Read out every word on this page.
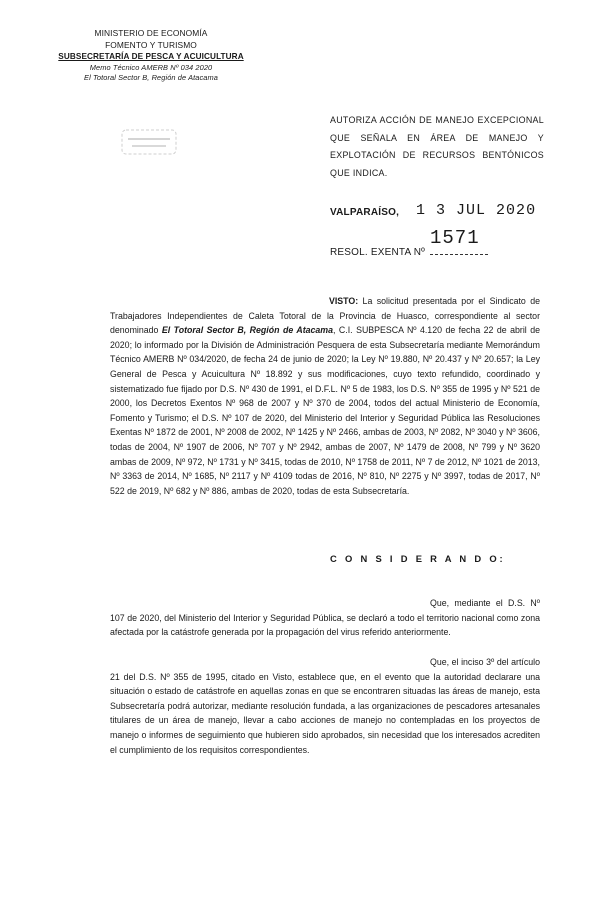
MINISTERIO DE ECONOMÍA
FOMENTO Y TURISMO
SUBSECRETARÍA DE PESCA Y ACUICULTURA
Memo Técnico AMERB Nº 034 2020
El Totoral Sector B, Región de Atacama
AUTORIZA ACCIÓN DE MANEJO EXCEPCIONAL QUE SEÑALA EN ÁREA DE MANEJO Y EXPLOTACIÓN DE RECURSOS BENTÓNICOS QUE INDICA.
VALPARAÍSO, 1 3 JUL 2020
RESOL. EXENTA Nº
1571
VISTO: La solicitud presentada por el Sindicato de Trabajadores Independientes de Caleta Totoral de la Provincia de Huasco, correspondiente al sector denominado El Totoral Sector B, Región de Atacama, C.I. SUBPESCA Nº 4.120 de fecha 22 de abril de 2020; lo informado por la División de Administración Pesquera de esta Subsecretaría mediante Memorándum Técnico AMERB Nº 034/2020, de fecha 24 de junio de 2020; la Ley Nº 19.880, Nº 20.437 y Nº 20.657; la Ley General de Pesca y Acuicultura Nº 18.892 y sus modificaciones, cuyo texto refundido, coordinado y sistematizado fue fijado por D.S. Nº 430 de 1991, el D.F.L. Nº 5 de 1983, los D.S. Nº 355 de 1995 y Nº 521 de 2000, los Decretos Exentos Nº 968 de 2007 y Nº 370 de 2004, todos del actual Ministerio de Economía, Fomento y Turismo; el D.S. Nº 107 de 2020, del Ministerio del Interior y Seguridad Pública las Resoluciones Exentas Nº 1872 de 2001, Nº 2008 de 2002, Nº 1425 y Nº 2466, ambas de 2003, Nº 2082, Nº 3040 y Nº 3606, todas de 2004, Nº 1907 de 2006, Nº 707 y Nº 2942, ambas de 2007, Nº 1479 de 2008, Nº 799 y Nº 3620 ambas de 2009, Nº 972, Nº 1731 y Nº 3415, todas de 2010, Nº 1758 de 2011, Nº 7 de 2012, Nº 1021 de 2013, Nº 3363 de 2014, Nº 1685, Nº 2117 y Nº 4109 todas de 2016, Nº 810, Nº 2275 y Nº 3997, todas de 2017, Nº 522 de 2019, Nº 682 y Nº 886, ambas de 2020, todas de esta Subsecretaría.
C O N S I D E R A N D O:
Que, mediante el D.S. Nº 107 de 2020, del Ministerio del Interior y Seguridad Pública, se declaró a todo el territorio nacional como zona afectada por la catástrofe generada por la propagación del virus referido anteriormente.
Que, el inciso 3º del artículo 21 del D.S. Nº 355 de 1995, citado en Visto, establece que, en el evento que la autoridad declarare una situación o estado de catástrofe en aquellas zonas en que se encontraren situadas las áreas de manejo, esta Subsecretaría podrá autorizar, mediante resolución fundada, a las organizaciones de pescadores artesanales titulares de un área de manejo, llevar a cabo acciones de manejo no contempladas en los proyectos de manejo o informes de seguimiento que hubieren sido aprobados, sin necesidad que los interesados acrediten el cumplimiento de los requisitos correspondientes.
